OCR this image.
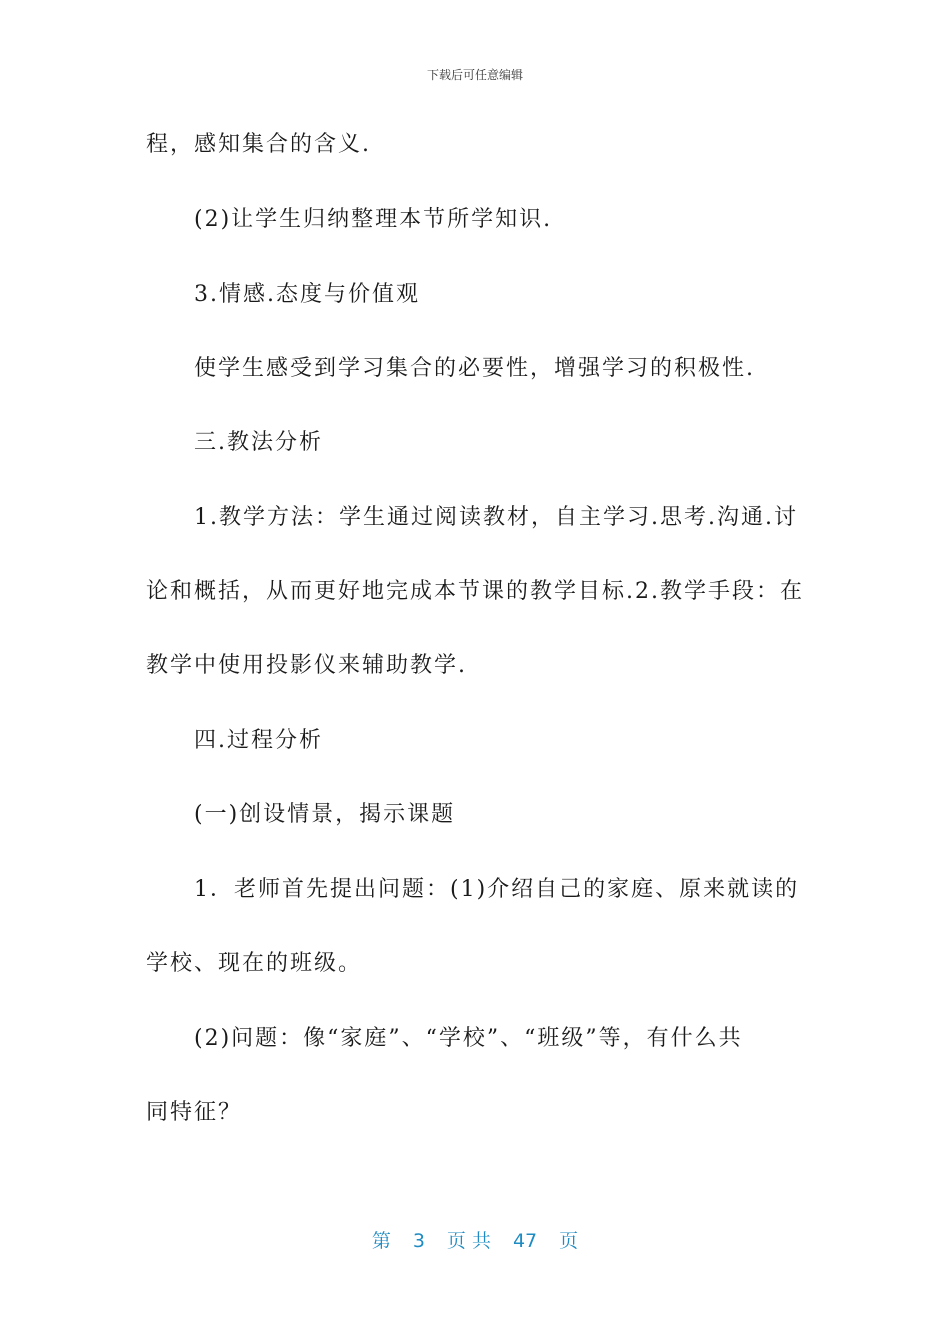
下载后可任意编辑
程，感知集合的含义.
(2)让学生归纳整理本节所学知识.
3.情感.态度与价值观
使学生感受到学习集合的必要性，增强学习的积极性.
三.教法分析
1.教学方法：学生通过阅读教材，自主学习.思考.沟通.讨
论和概括，从而更好地完成本节课的教学目标.2.教学手段：在
教学中使用投影仪来辅助教学.
四.过程分析
(一)创设情景，揭示课题
1．老师首先提出问题：(1)介绍自己的家庭、原来就读的
学校、现在的班级。
(2)问题：像“家庭”、“学校”、“班级”等，有什么共
同特征？
第 3 页 共 47 页
